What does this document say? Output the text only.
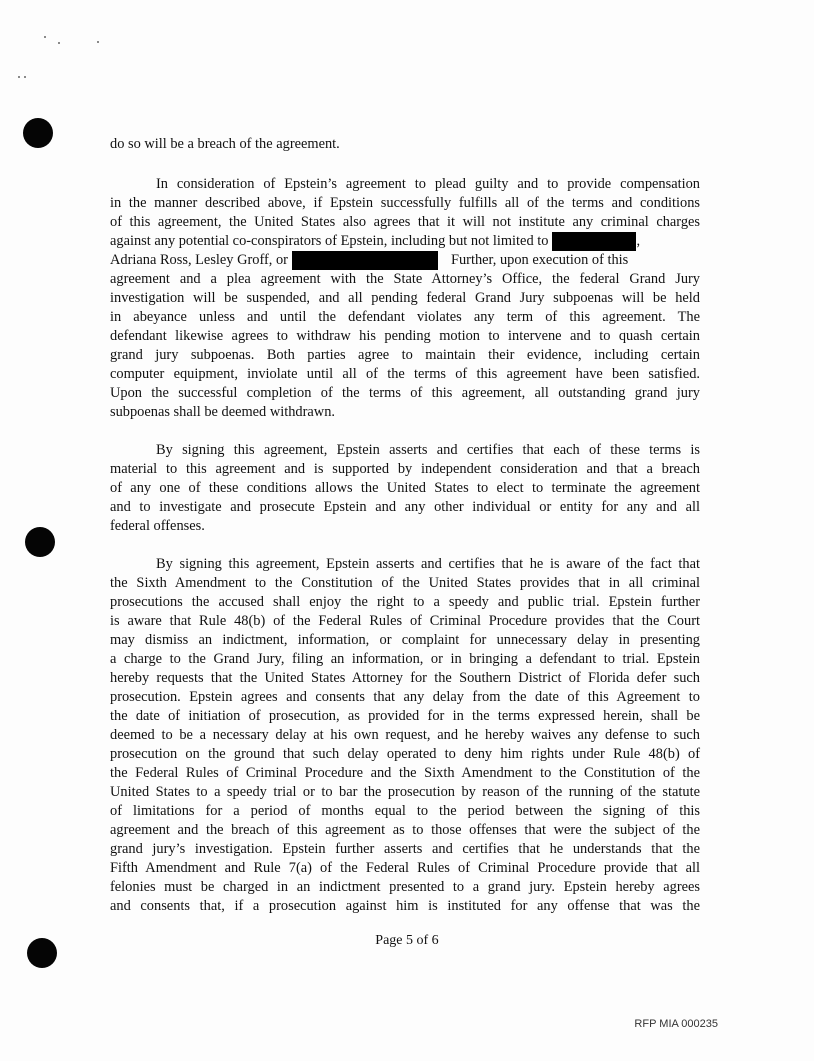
do so will be a breach of the agreement.

In consideration of Epstein’s agreement to plead guilty and to provide compensation
in the manner described above, if Epstein successfully fulfills all of the terms and conditions
of this agreement, the United States also agrees that it will not institute any criminal charges
against any potential co-conspirators of Epstein, including but not limited to	,
Adriana Ross, Lesley Groff, or	Further, upon execution of this
agreement and a plea agreement with the State Attorney’s Office, the federal Grand Jury
investigation will be suspended, and all pending federal Grand Jury subpoenas will be held
in abeyance unless and until the defendant violates any term of this agreement. The
defendant likewise agrees to withdraw his pending motion to intervene and to quash certain
grand jury subpoenas. Both parties agree to maintain their evidence, including certain
computer equipment, inviolate until all of the terms of this agreement have been satisfied.
Upon the successful completion of the terms of this agreement, all outstanding grand jury
subpoenas shall be deemed withdrawn.

By signing this agreement, Epstein asserts and certifies that each of these terms is
material to this agreement and is supported by independent consideration and that a breach
of any one of these conditions allows the United States to elect to terminate the agreement
and to investigate and prosecute Epstein and any other individual or entity for any and all
federal offenses.

By signing this agreement, Epstein asserts and certifies that he is aware of the fact that
the Sixth Amendment to the Constitution of the United States provides that in all criminal
prosecutions the accused shall enjoy the right to a speedy and public trial. Epstein further
is aware that Rule 48(b) of the Federal Rules of Criminal Procedure provides that the Court
may dismiss an indictment, information, or complaint for unnecessary delay in presenting
a charge to the Grand Jury, filing an information, or in bringing a defendant to trial. Epstein
hereby requests that the United States Attorney for the Southern District of Florida defer such
prosecution. Epstein agrees and consents that any delay from the date of this Agreement to
the date of initiation of prosecution, as provided for in the terms expressed herein, shall be
deemed to be a necessary delay at his own request, and he hereby waives any defense to such
prosecution on the ground that such delay operated to deny him rights under Rule 48(b) of
the Federal Rules of Criminal Procedure and the Sixth Amendment to the Constitution of the
United States to a speedy trial or to bar the prosecution by reason of the running of the statute
of limitations for a period of months equal to the period between the signing of this
agreement and the breach of this agreement as to those offenses that were the subject of the
grand jury’s investigation. Epstein further asserts and certifies that he understands that the
Fifth Amendment and Rule 7(a) of the Federal Rules of Criminal Procedure provide that all
felonies must be charged in an indictment presented to a grand jury. Epstein hereby agrees
and consents that, if a prosecution against him is instituted for any offense that was the

Page 5 of 6
RFP MIA 000235
